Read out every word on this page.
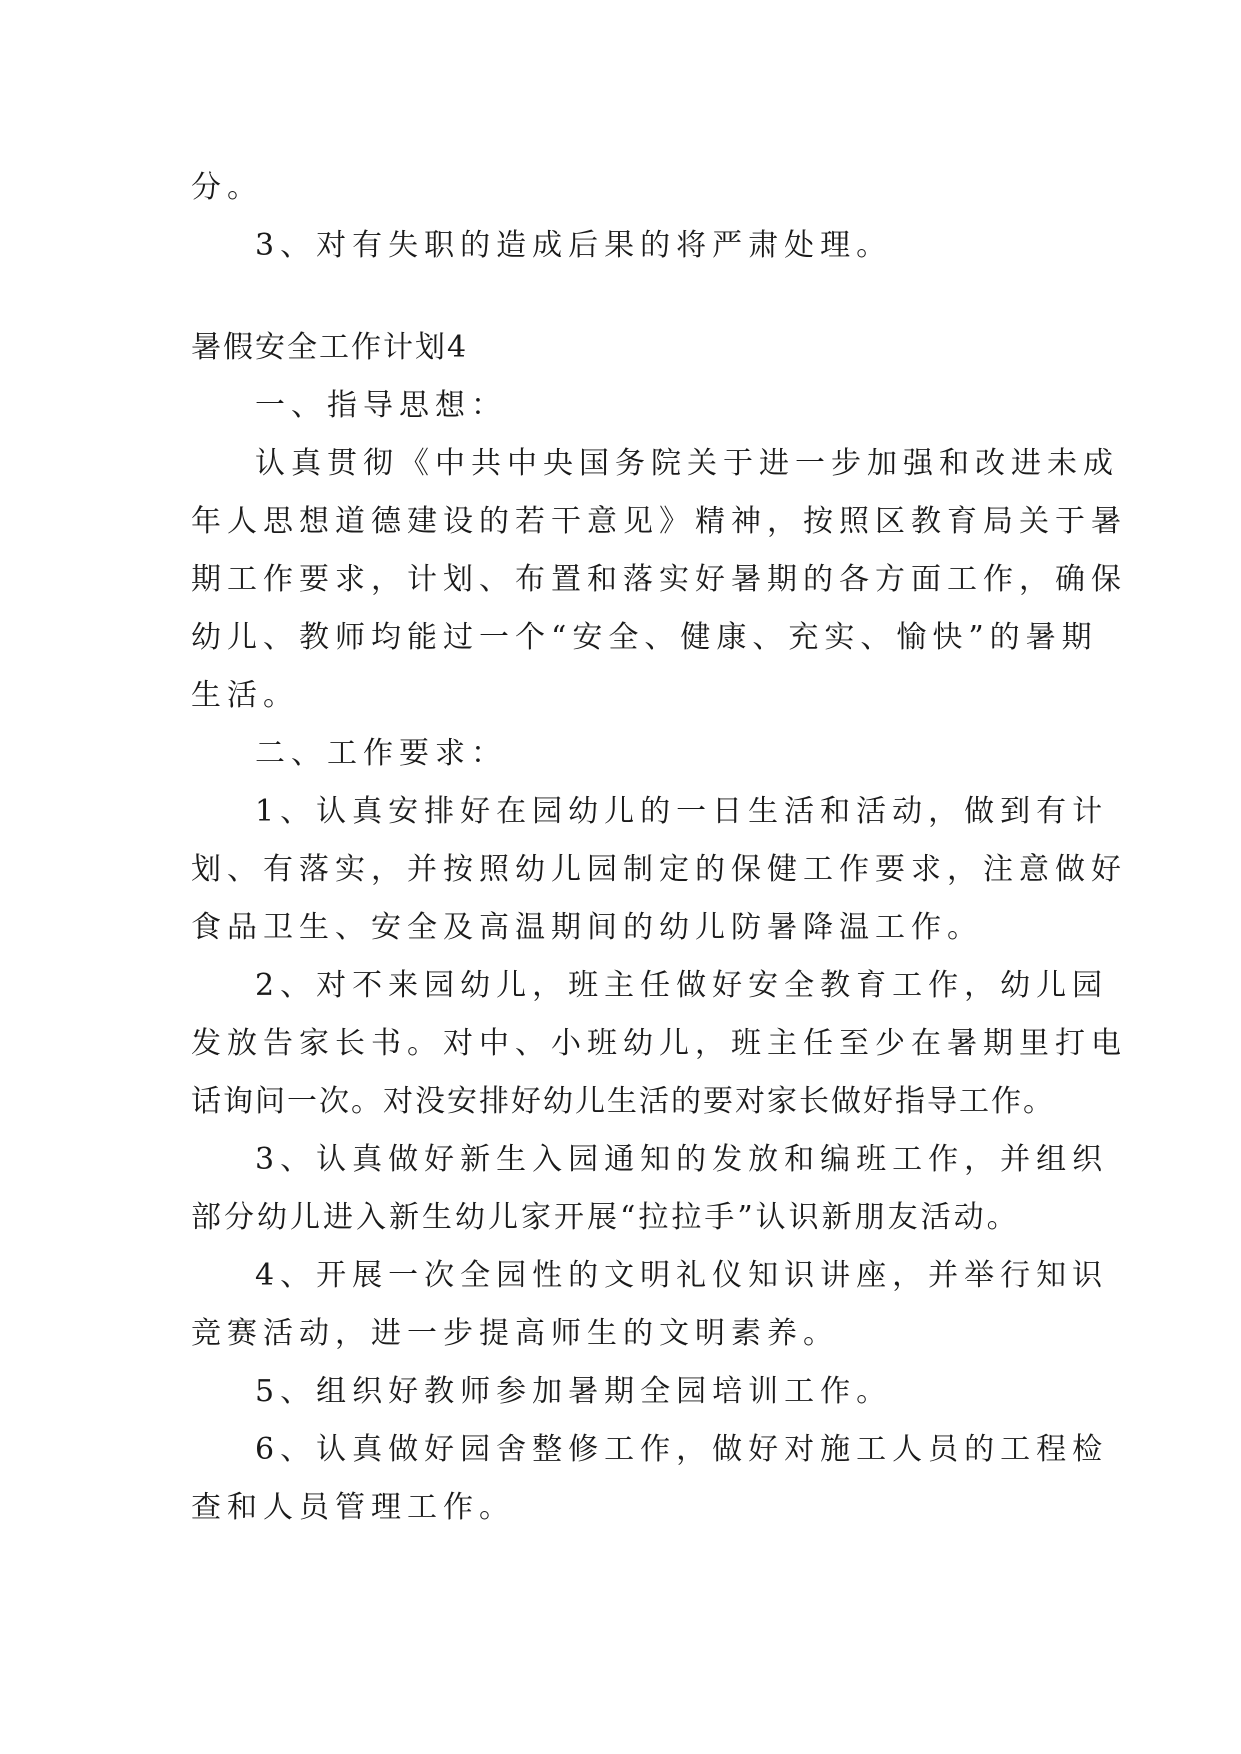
分。
3、对有失职的造成后果的将严肃处理。
暑假安全工作计划4
一、指导思想：
认真贯彻《中共中央国务院关于进一步加强和改进未成
年人思想道德建设的若干意见》精神，按照区教育局关于暑
期工作要求，计划、布置和落实好暑期的各方面工作，确保
幼儿、教师均能过一个“安全、健康、充实、愉快”的暑期
生活。
二、工作要求：
1、认真安排好在园幼儿的一日生活和活动，做到有计
划、有落实，并按照幼儿园制定的保健工作要求，注意做好
食品卫生、安全及高温期间的幼儿防暑降温工作。
2、对不来园幼儿，班主任做好安全教育工作，幼儿园
发放告家长书。对中、小班幼儿，班主任至少在暑期里打电
话询问一次。对没安排好幼儿生活的要对家长做好指导工作。
3、认真做好新生入园通知的发放和编班工作，并组织
部分幼儿进入新生幼儿家开展“拉拉手”认识新朋友活动。
4、开展一次全园性的文明礼仪知识讲座，并举行知识
竞赛活动，进一步提高师生的文明素养。
5、组织好教师参加暑期全园培训工作。
6、认真做好园舍整修工作，做好对施工人员的工程检
查和人员管理工作。
